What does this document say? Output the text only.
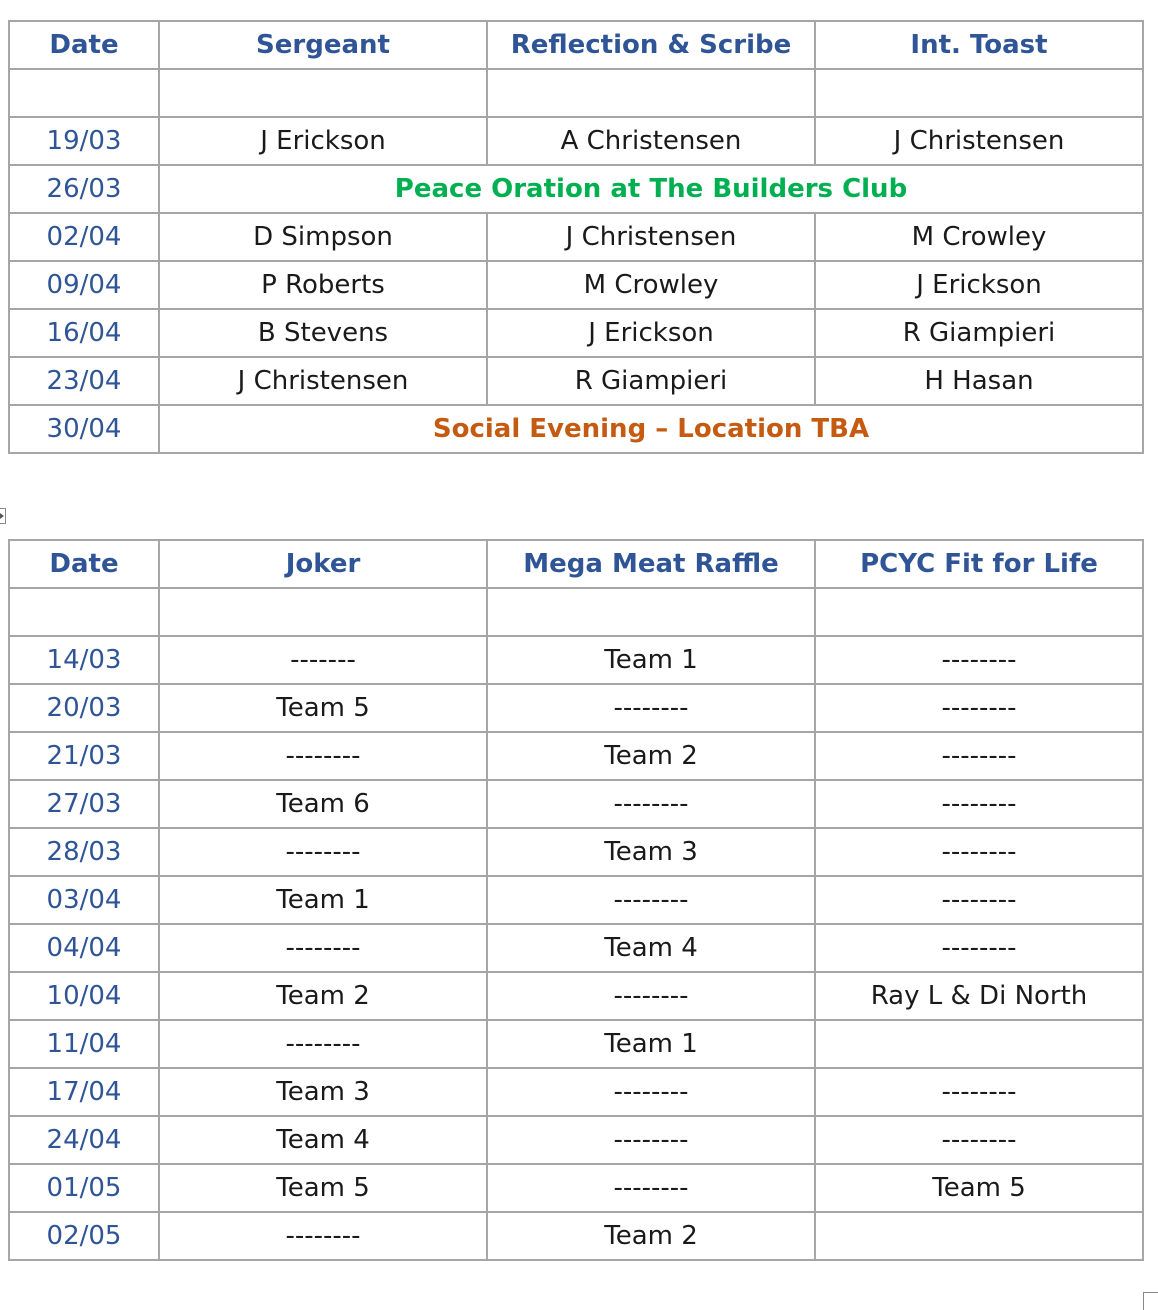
Date	Sergeant	Reflection & Scribe	Int. Toast

19/03	J Erickson	A Christensen	J Christensen
26/03	Peace Oration at The Builders Club		
02/04	D Simpson	J Christensen	M Crowley
09/04	P Roberts	M Crowley	J Erickson
16/04	B Stevens	J Erickson	R Giampieri
23/04	J Christensen	R Giampieri	H Hasan
30/04	Social Evening – Location TBA		
Date	Joker	Mega Meat Raffle	PCYC Fit for Life

14/03	-------	Team 1	--------
20/03	Team 5	--------	--------
21/03	--------	Team 2	--------
27/03	Team 6	--------	--------
28/03	--------	Team 3	--------
03/04	Team 1	--------	--------
04/04	--------	Team 4	--------
10/04	Team 2	--------	Ray L & Di North
11/04	--------	Team 1	
17/04	Team 3	--------	--------
24/04	Team 4	--------	--------
01/05	Team 5	--------	Team 5
02/05	--------	Team 2	
